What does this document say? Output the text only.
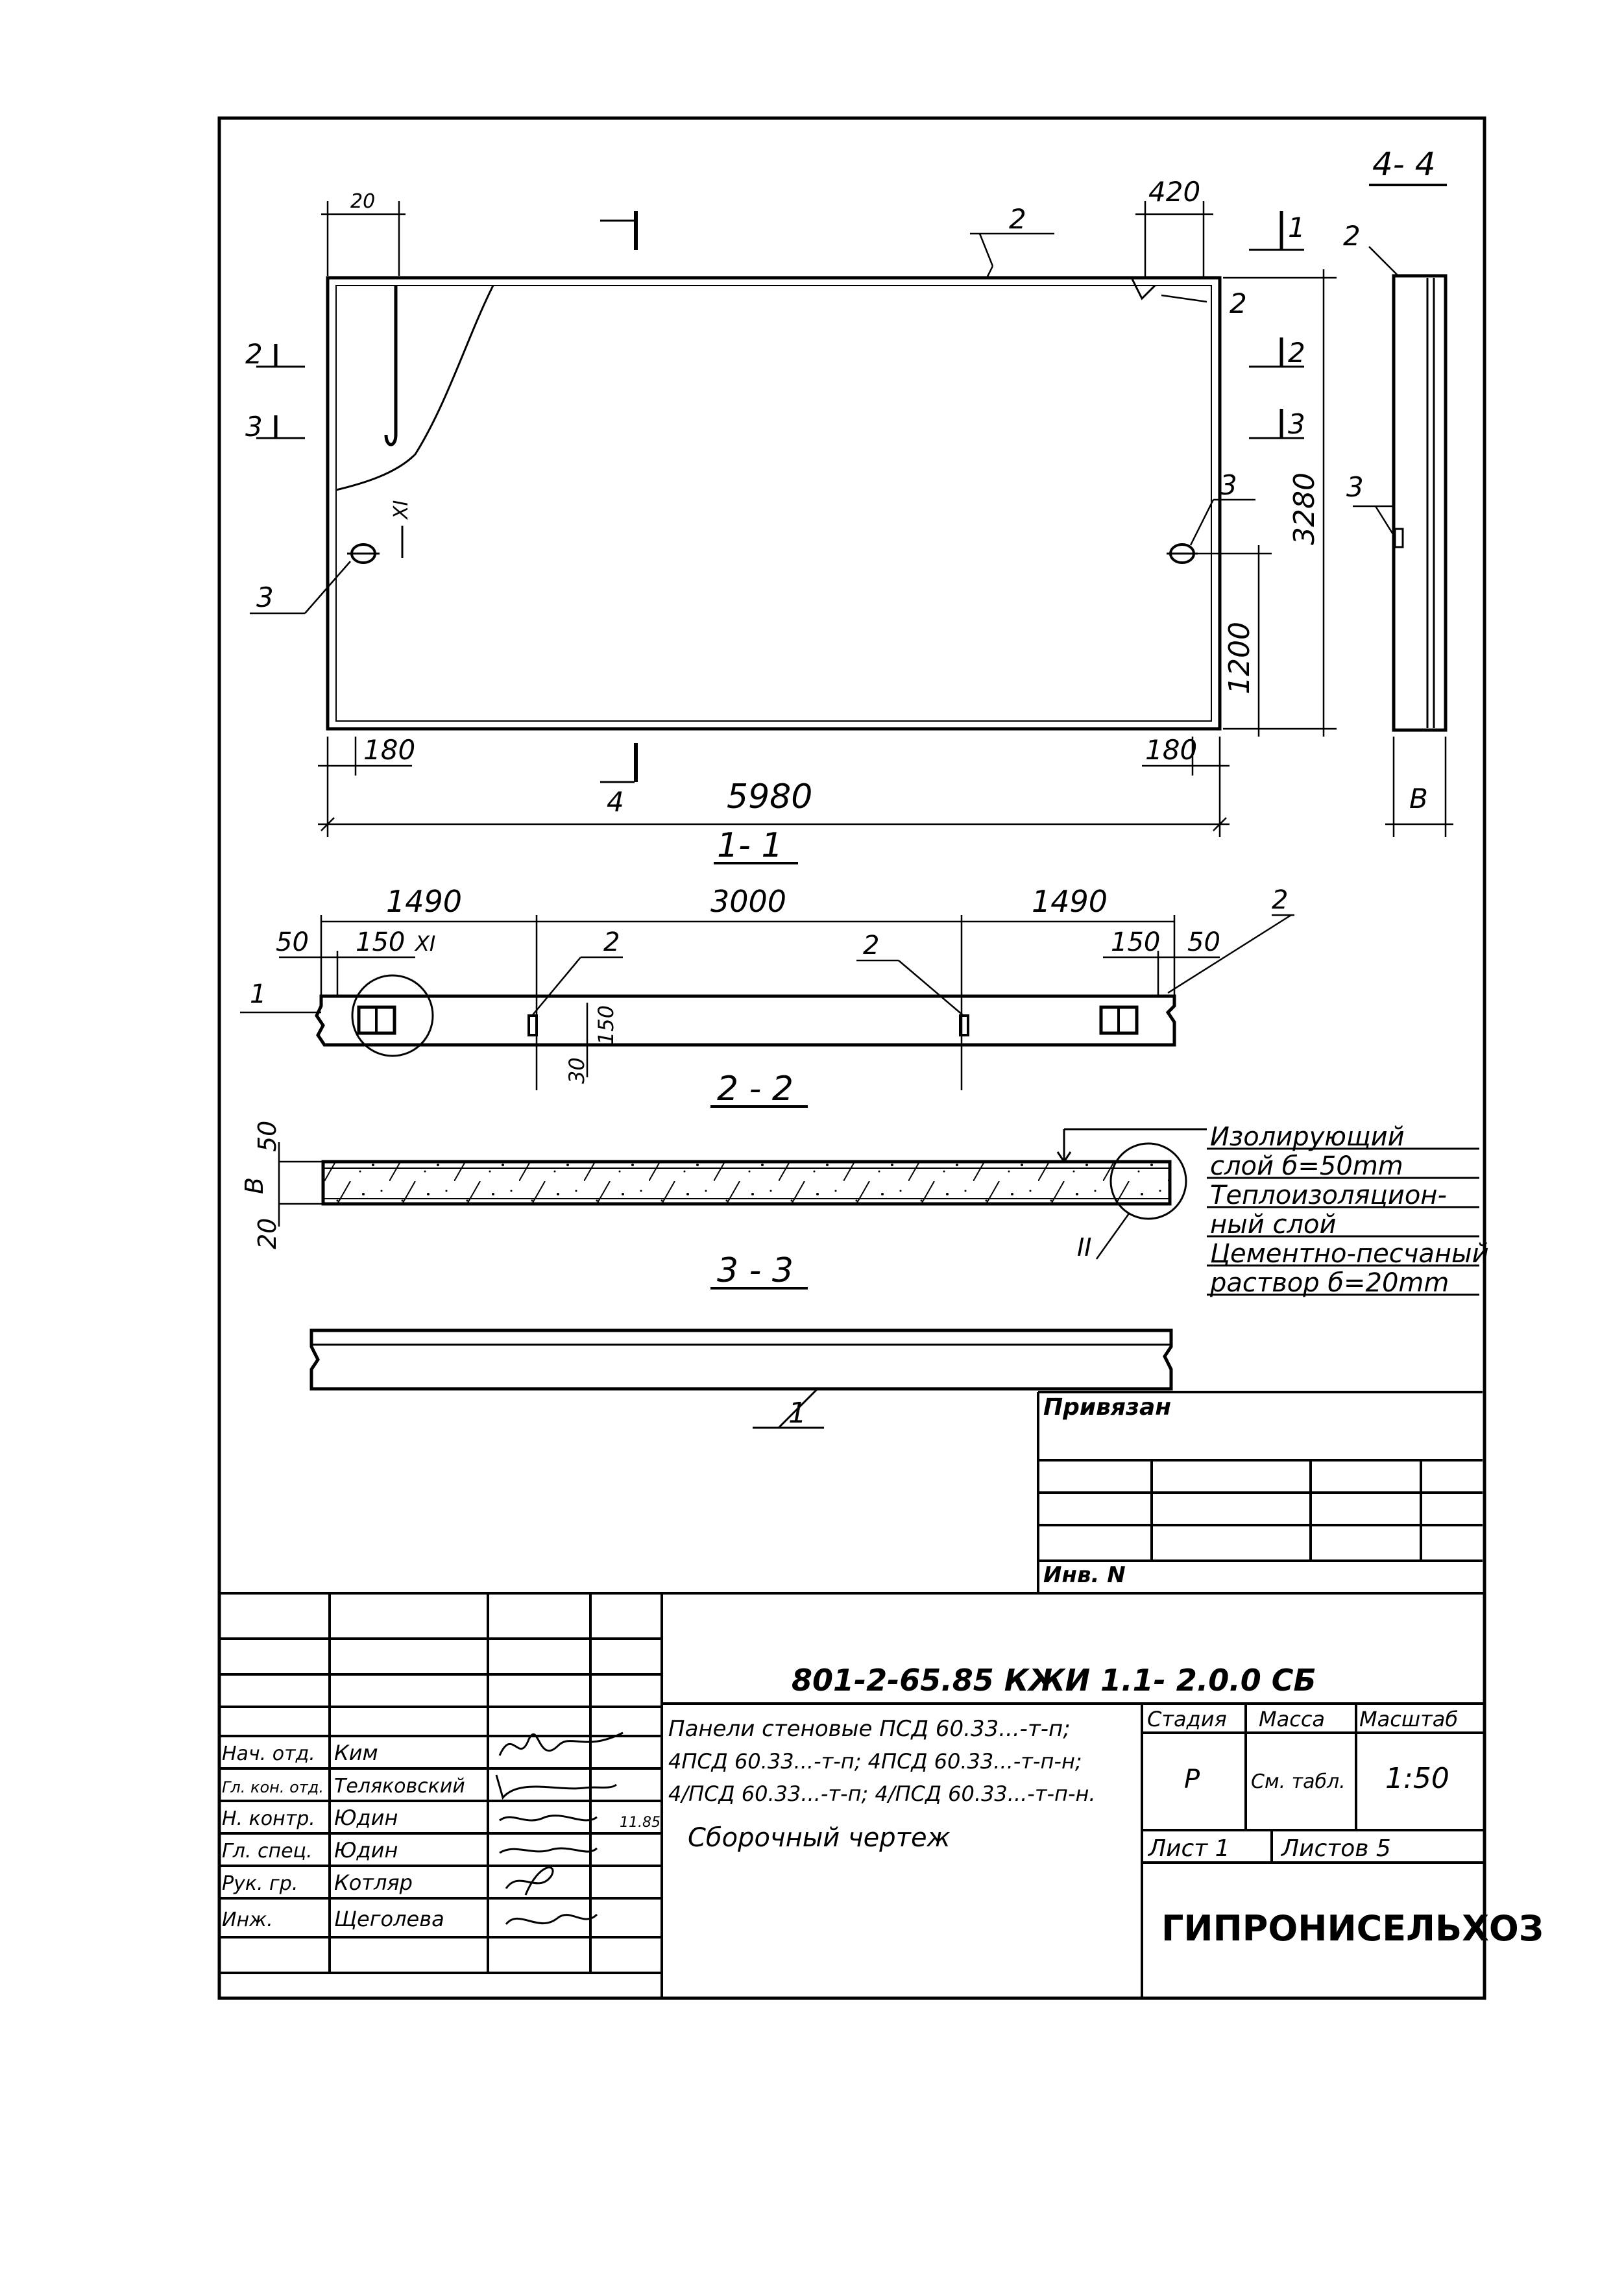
5980
180	180
420
20
3280
1200
4
1
2	2
3	3
2
2
3
3
XI
1- 1
4- 4
2
3
B
1490	3000	1490
50 150	150 50
150
30
XI
1
2	2
2
2 - 2
50
B
20	II
Изолирующий
слой б=50mm
Теплоизоляцион-
ный слой
Цементно-песчаный
раствор б=20mm
3 - 3
1	Привязан
Инв. N
801-2-65.85 КЖИ 1.1- 2.0.0 СБ
Панели стеновые ПСД 60.33...-т-п;
4ПСД 60.33...-т-п; 4ПСД 60.33...-т-п-н;
4/ПСД 60.33...-т-п; 4/ПСД 60.33...-т-п-н.
Сборочный чертеж
Стадия Масса Масштаб
Р	См. табл. 1:50
Лист 1 Листов 5
ГИПРОНИСЕЛЬХОЗ
11.85
Нач. отд. Ким
Гл. кон. отд. Теляковский
Н. контр. Юдин
Гл. спец. Юдин
Рук. гр. Котляр
Инж.	Щеголева
